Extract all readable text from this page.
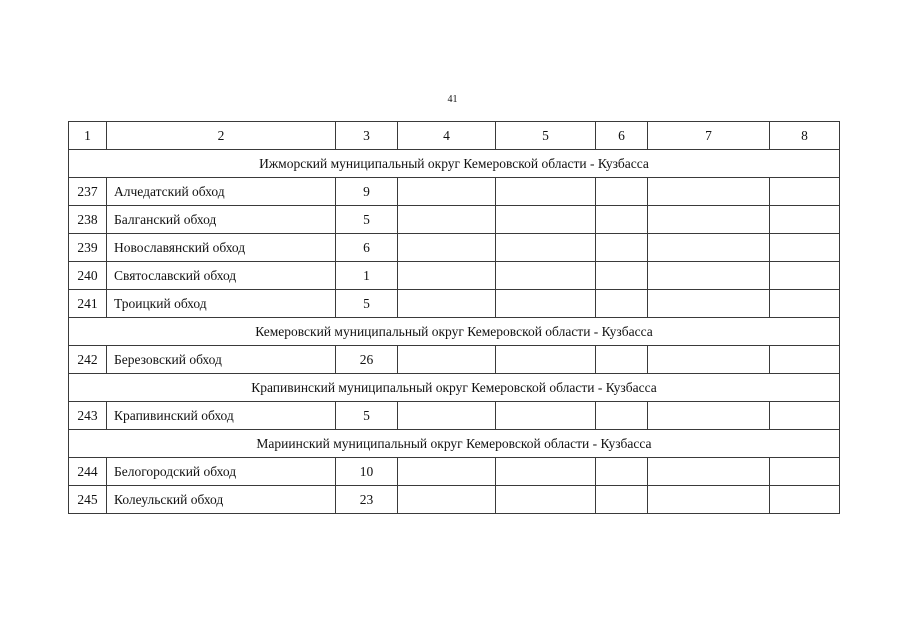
41
1	2	3	4	5	6	7	8
Ижморский муниципальный округ Кемеровской области - Кузбасса							
237	Алчедатский обход	9					
238	Балганский обход	5					
239	Новославянский обход	6					
240	Святославский обход	1					
241	Троицкий обход	5					
Кемеровский муниципальный округ Кемеровской области - Кузбасса							
242	Березовский обход	26					
Крапивинский муниципальный округ Кемеровской области - Кузбасса							
243	Крапивинский обход	5					
Мариинский муниципальный округ Кемеровской области - Кузбасса							
244	Белогородский обход	10					
245	Колеульский обход	23					
